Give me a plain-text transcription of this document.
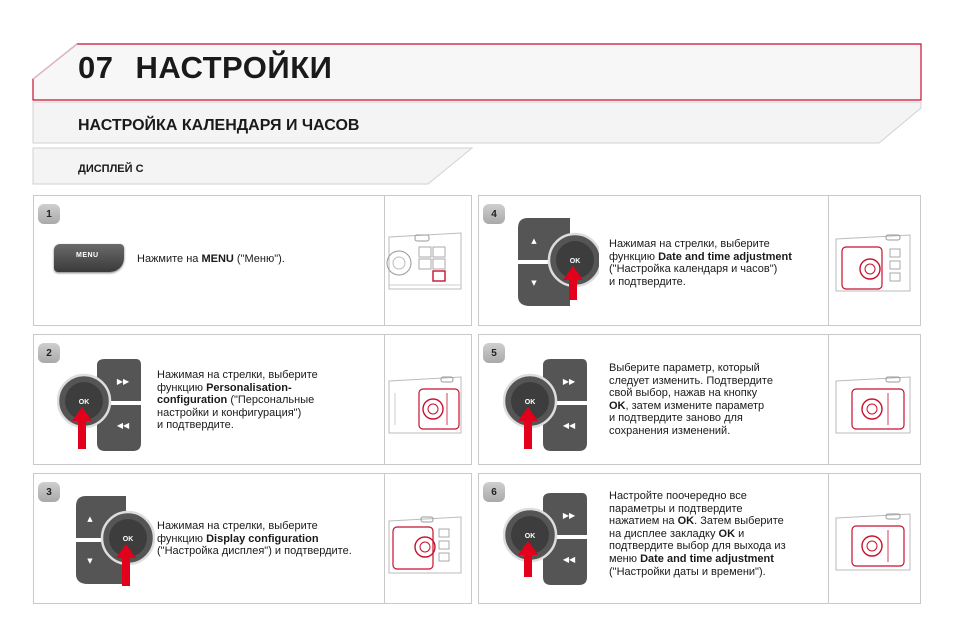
07 НАСТРОЙКИ
НАСТРОЙКА КАЛЕНДАРЯ И ЧАСОВ
ДИСПЛЕЙ C
1
MENU	Нажмите на MENU ("Меню").
2
Нажимая на стрелки, выберите
функцию Personalisation-
configuration ("Персональные
настройки и конфигурация")
и подтвердите.
3
Нажимая на стрелки, выберите
функцию Display configuration
("Настройка дисплея") и подтвердите.
4
Нажимая на стрелки, выберите
функцию Date and time adjustment
("Настройка календаря и часов")
и подтвердите.
5
Выберите параметр, который
следует изменить. Подтвердите
свой выбор, нажав на кнопку
OK, затем измените параметр
и подтвердите заново для
сохранения изменений.
6	Настройте поочередно все
параметры и подтвердите
нажатием на OK. Затем выберите
на дисплее закладку OK и
подтвердите выбор для выхода из
меню Date and time adjustment
("Настройки даты и времени").
▶▶
◀◀
OK
▲
▼
OK
▲
▼
OK
▶▶
◀◀
OK
▶▶
◀◀
OK
